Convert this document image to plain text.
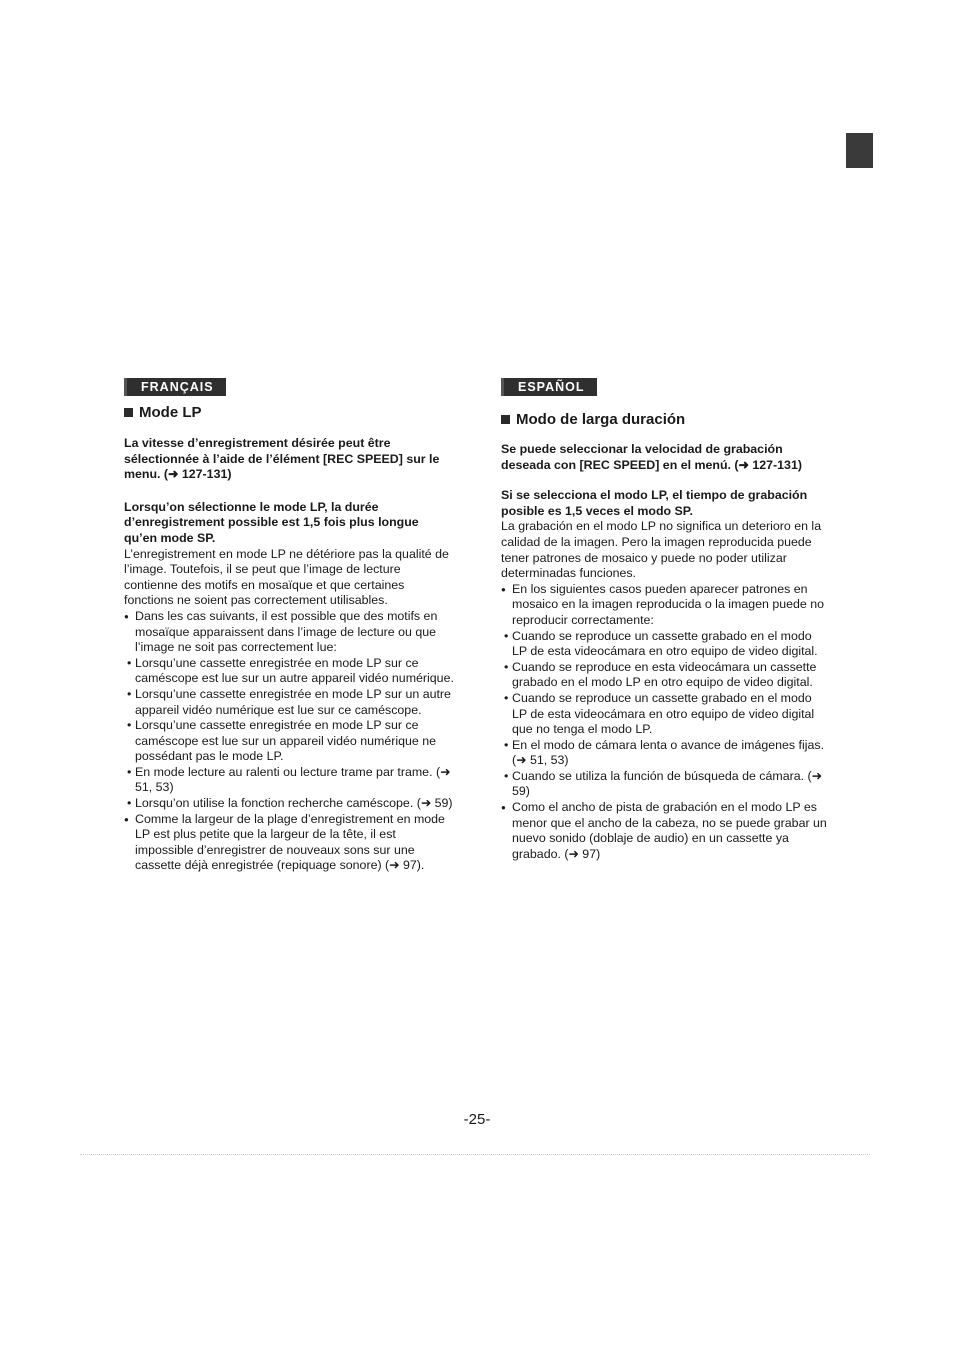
FRANÇAIS
Mode LP
La vitesse d’enregistrement désirée peut être sélectionnée à l’aide de l’élément [REC SPEED] sur le menu. (➜ 127-131)
Lorsqu’on sélectionne le mode LP, la durée d’enregistrement possible est 1,5 fois plus longue qu’en mode SP.
L’enregistrement en mode LP ne détériore pas la qualité de l’image. Toutefois, il se peut que l’image de lecture contienne des motifs en mosaïque et que certaines fonctions ne soient pas correctement utilisables.
● Dans les cas suivants, il est possible que des motifs en mosaïque apparaissent dans l’image de lecture ou que l’image ne soit pas correctement lue:
• Lorsqu’une cassette enregistrée en mode LP sur ce caméscope est lue sur un autre appareil vidéo numérique.
• Lorsqu’une cassette enregistrée en mode LP sur un autre appareil vidéo numérique est lue sur ce caméscope.
• Lorsqu’une cassette enregistrée en mode LP sur ce caméscope est lue sur un appareil vidéo numérique ne possédant pas le mode LP.
• En mode lecture au ralenti ou lecture trame par trame. (➜ 51, 53)
• Lorsqu’on utilise la fonction recherche caméscope. (➜ 59)
● Comme la largeur de la plage d’enregistrement en mode LP est plus petite que la largeur de la tête, il est impossible d’enregistrer de nouveaux sons sur une cassette déjà enregistrée (repiquage sonore) (➜ 97).
ESPAÑOL
Modo de larga duración
Se puede seleccionar la velocidad de grabación deseada con [REC SPEED] en el menú. (➜ 127-131)
Si se selecciona el modo LP, el tiempo de grabación posible es 1,5 veces el modo SP.
La grabación en el modo LP no significa un deterioro en la calidad de la imagen. Pero la imagen reproducida puede tener patrones de mosaico y puede no poder utilizar determinadas funciones.
● En los siguientes casos pueden aparecer patrones en mosaico en la imagen reproducida o la imagen puede no reproducir correctamente:
• Cuando se reproduce un cassette grabado en el modo LP de esta videocámara en otro equipo de video digital.
• Cuando se reproduce en esta videocámara un cassette grabado en el modo LP en otro equipo de video digital.
• Cuando se reproduce un cassette grabado en el modo LP de esta videocámara en otro equipo de video digital que no tenga el modo LP.
• En el modo de cámara lenta o avance de imágenes fijas. (➜ 51, 53)
• Cuando se utiliza la función de búsqueda de cámara. (➜ 59)
● Como el ancho de pista de grabación en el modo LP es menor que el ancho de la cabeza, no se puede grabar un nuevo sonido (doblaje de audio) en un cassette ya grabado. (➜ 97)
-25-
